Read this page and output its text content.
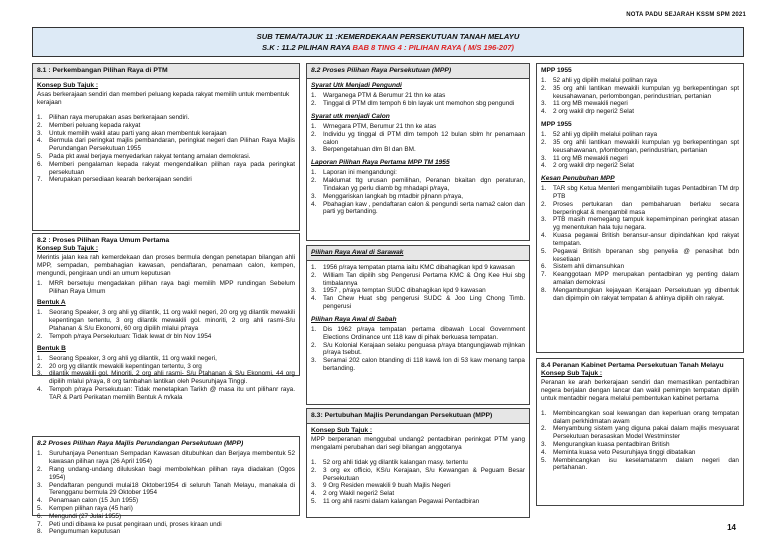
NOTA PADU SEJARAH KSSM SPM 2021
SUB TEMA/TAJUK 11 :KEMERDEKAAN PERSEKUTUAN TANAH MELAYU
S.K : 11.2 PILIHAN RAYA BAB 8 TING 4 : PILIHAN RAYA ( M/S 196-207)
8.1 : Perkembangan Pilihan Raya di PTM
Konsep Sub Tajuk :

Asas berkerajaan sendiri dan memberi peluang kepada rakyat memilih untuk membentuk kerajaan

1.	Pilihan raya merupakan asas berkerajaan sendiri.
2.	Memberi peluang kepada rakyat
3.	Untuk memilih wakil atau parti yang akan membentuk kerajaan
4.	Bermula dari peringkat majlis pembandaran, peringkat negeri dan Pilihan Raya Majlis Perundangan Persekutuan 1955
5.	Pada pkt awal berjaya menyedarkan rakyat tentang amalan demokrasi.
6.	Memberi pengalaman kepada rakyat mengendalikan pilihan raya pada peringkat persekutuan
7.	Merupakan persediaan kearah berkerajaan sendiri
8.2 : Proses Pilihan Raya Umum Pertama
Konsep Sub Tajuk :

Merintis jalan kea rah kemerdekaan dan proses bermula dengan penetapan bilangan ahli MPP, sempadan, pembahagian kawasan, pendaftaran, penamaan calon, kempen, mengundi, pengiraan undi an umum keputusan

1.	MRR bersetuju mengadakan pilihan raya bagi memilih MPP rundingan Sebelum Pilihan Raya Umum
Bentuk A
1.	Seorang Speaker, 3 org ahli yg dilantik, 11 org wakil negeri, 20 org yg dilantik mewakili kepentingan tertentu, 3 org dilantik mewakili gol. minoriti, 2 org ahli rasmi-S/u Ptahanan & S/u Ekonomi, 60 org dipilih mlalui p/raya
2.	Tempoh p/raya Persekutuan: Tidak lewat dr bln Nov 1954
Bentuk B
1.	Seorang Speaker, 3 org ahli yg dilantik, 11 org wakil negeri,
2.	20 org yg dilantik mewakili kepentingan tertentu, 3 org
3.	dilantik mewakili gol. Minoriti, 2 org ahli rasmi- S/u Ptahanan & S/u Ekonomi, 44 org dipilih mlalui p/raya, 8 org tambahan lantikan oleh Pesuruhjaya Tinggi.
4.	Tempoh p/raya Persekutuan: Tidak menetapkan Tarikh @ masa itu unt pilihanr raya. TAR & Parti Perikatan memilih Bentuk A m/kala
8.2 Proses Pilihan Raya Majlis Perundangan Persekutuan (MPP)
1.	Suruhanjaya Penentuan Sempadan Kawasan ditubuhkan dan Berjaya membentuk 52 kawasan pilihan raya (26 April 1954)
2.	Rang undang-undang diluluskan bagi membolehkan pilihan raya diadakan (Ogos 1954)
3.	Pendaftaran pengundi mulai18 Oktober1954 di seluruh Tanah Melayu, manakala di Terengganu bermula 29 Oktober 1954
4.	Penamaan calon (15 Jun 1955)
5.	Kempen pilihan raya (45 hari)
6.	Mengundi (27 Julai 1955)
7.	Peti undi dibawa ke pusat pengiraan undi, proses kiraan undi
8.	Pengumuman keputusan
8.2 Proses Pilihan Raya Persekutuan (MPP)
Syarat Utk Menjadi Pengundi
1.	Warganega PTM & Berumur 21 thn ke atas
2.	Tinggal di PTM dlm tempoh 6 bln layak unt memohon sbg pengundi
Syarat utk menjadi Calon
1.	Wrnegara PTM, Berumur 21 thn ke atas
2.	Individu yg tinggal di PTM dlm tempoh 12 bulan sblm hr penamaan calon
3.	Berpengetahuan dlm BI dan BM.
Laporan Pilihan Raya Pertama MPP TM 1955
1.	Laporan ini mengandungi:
2.	Maklumat ttg urusan pemilihan, Peranan bkaitan dgn peraturan, Tindakan yg perlu diamb bg mhadapi p/raya,
3.	Menggariskan langkah bg mtadbir pjlnann p/raya,
4.	Pbahagian kaw , pendaftaran calon & pengundi serta nama2 calon dan parti yg bertanding.
Pilihan Raya Awal di Sarawak
1.	1956 p/raya tempatan ptama iaitu KMC dibahagikan kpd 9 kawasan
2.	William Tan dipilih sbg Pengerusi Pertama KMC & Ong Kee Hui sbg timbalannya
3.	1957 , p/raya temptan SUDC dibahagikan kpd 9 kawasan
4.	Tan Chew Huat sbg pengerusi SUDC & Joo Ling Chong Timb. pengerusi
Pilihan Raya Awal di Sabah
1.	Dis 1962 p/raya tempatan pertama dibawah Local Government Elections Ordinance unt 118 kaw di pihak berkuasa tempatan.
2.	S/u Kolonial Kerajaan selaku penguasa p/raya btangungjawab mjlnkan p/raya tsebut.
3.	Seramai 202 calon btanding di 118 kaw& lon di 53 kaw menang tanpa bertanding.
8.3: Pertubuhan Majlis Perundangan Persekutuan (MPP)
Konsep Sub Tajuk :

MPP berperanan menggubal undang2 pentadbiran perinkgat PTM yang mengalami perubahan dari segi bilangan anggotanya

1.	52 org ahli tidak yg dilantik kalangan masy. tertentu
2.	3 org ex officio, KS/u Kerajaan, S/u Kewangan & Peguam Besar Persekutuan
3.	9 Org Residen mewakili 9 buah Majlis Negeri
4.	2 org Wakil negeri2 Selat
5.	11 org ahli rasmi dalam kalangan Pegawai Pentadbiran
MPP 1955
1.	52 ahli yg dipilih melalui polihan raya
2.	35 org ahli lantikan mewakili kumpulan yg berkepentingan spt keusahawanan, perlombongan, perindustrian, pertanian
3.	11 org MB mewakili negeri
4.	2 org wakil drp negeri2 Selat
MPP 1955
1.	52 ahli yg dipilih melalui polihan raya
2.	35 org ahli lantikan mewakili kumpulan yg berkepentingan spt keusahawanan, p/lombongan, perindustrian, pertanian
3.	11 org MB mewakili negeri
4.	2 org wakil drp negeri2 Selat
Kesan Penubuhan MPP
1.	TAR sbg Ketua Menteri mengambilalih tugas Pentadbiran TM drp PTB
2.	Proses pertukaran dan pembaharuan berlaku secara berperingkat & mengambil masa
3.	PTB masih memegang tampuk kepemimpinan peringkat atasan yg menentukan hala tuju negara.
4.	Kuasa pegawai British beransur-ansur dipindahkan kpd rakyat tempatan.
5.	Pegawai British bperanan sbg penyelia @ penasihat bdn kesetiaan
6.	Sistem ahli dimansuhkan
7.	Keanggotaan MPP merupakan pentadbiran yg penting dalam amalan demokrasi
8.	Mengambungkan kejayaan Kerajaan Persekutuan yg dibentuk dan dipimpin oln rakyat tempatan & ahlinya dipilih oln rakyat.
8.4 Peranan Kabinet Pertama Persekutuan Tanah Melayu
Konsep Sub Tajuk :

Peranan ke arah berkerajaan sendiri dan memastikan pentadbiran negera berjalan dengan lancar dan wakil pemimpin tempatan dipilih untuk mentadbir negara melalui pembentukan kabinet pertama

1.	Membincangkan soal kewangan dan keperluan orang tempatan dalam perkhidmatan awam
2.	Menyambung sistem yang diguna pakai dalam majlis mesyuarat Persekutuan berasaskan Model Westminster
3.	Mengurangkan kuasa pentadbiran British
4.	Meminta kuasa veto Pesuruhjaya tinggi dibatalkan
5.	Membincangkan isu keselamatanm dalam negeri dan pertahanan.
14
